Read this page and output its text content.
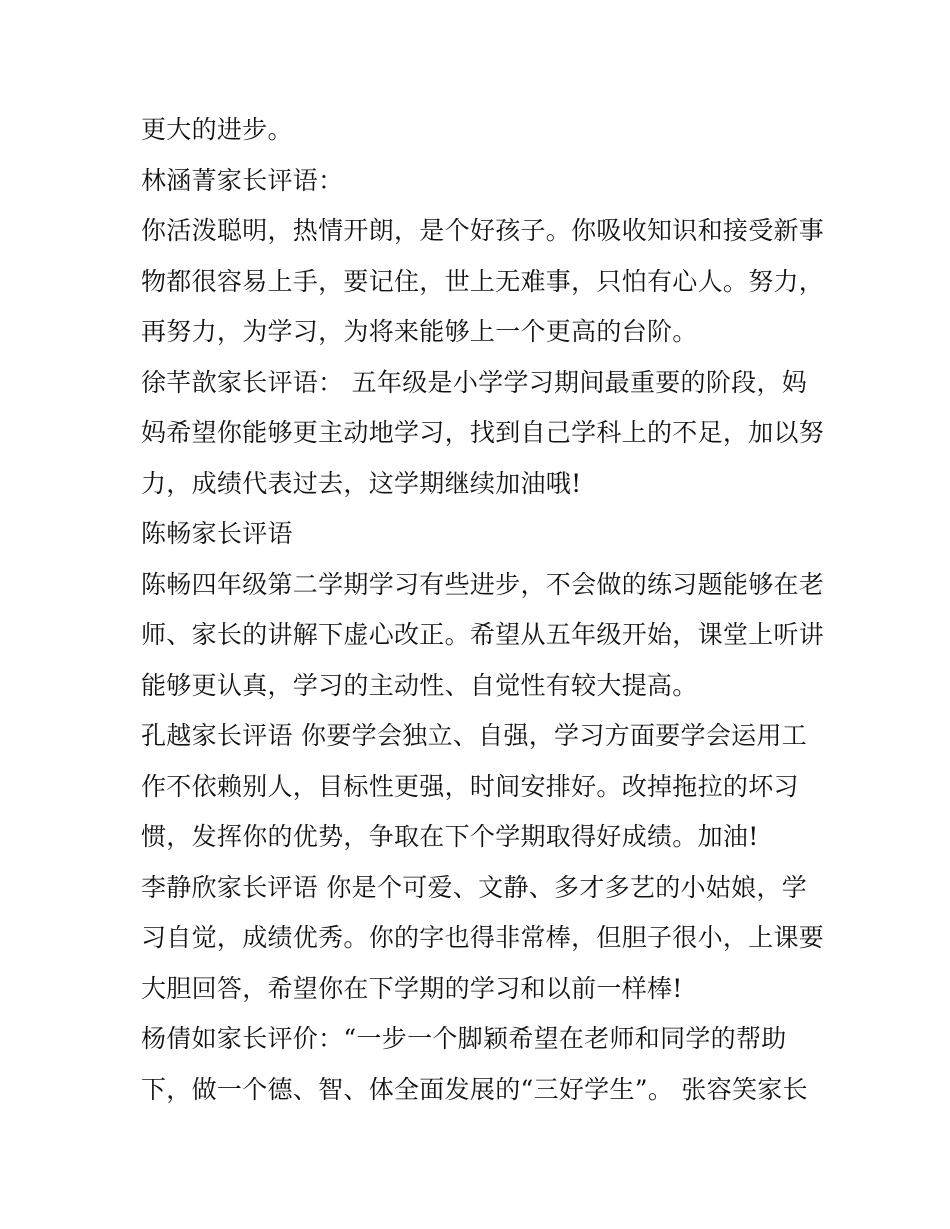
更大的进步。
林涵菁家长评语：
你活泼聪明，热情开朗，是个好孩子。你吸收知识和接受新事
物都很容易上手，要记住，世上无难事，只怕有心人。努力，
再努力，为学习，为将来能够上一个更高的台阶。
徐芊歆家长评语： 五年级是小学学习期间最重要的阶段，妈
妈希望你能够更主动地学习，找到自己学科上的不足，加以努
力，成绩代表过去，这学期继续加油哦!
陈畅家长评语
陈畅四年级第二学期学习有些进步，不会做的练习题能够在老
师、家长的讲解下虚心改正。希望从五年级开始，课堂上听讲
能够更认真，学习的主动性、自觉性有较大提高。
孔越家长评语 你要学会独立、自强，学习方面要学会运用工
作不依赖别人，目标性更强，时间安排好。改掉拖拉的坏习
惯，发挥你的优势，争取在下个学期取得好成绩。加油!
李静欣家长评语 你是个可爱、文静、多才多艺的小姑娘，学
习自觉，成绩优秀。你的字也得非常棒，但胆子很小，上课要
大胆回答，希望你在下学期的学习和以前一样棒!
杨倩如家长评价：“一步一个脚颖希望在老师和同学的帮助
下，做一个德、智、体全面发展的“三好学生”。 张容笑家长
